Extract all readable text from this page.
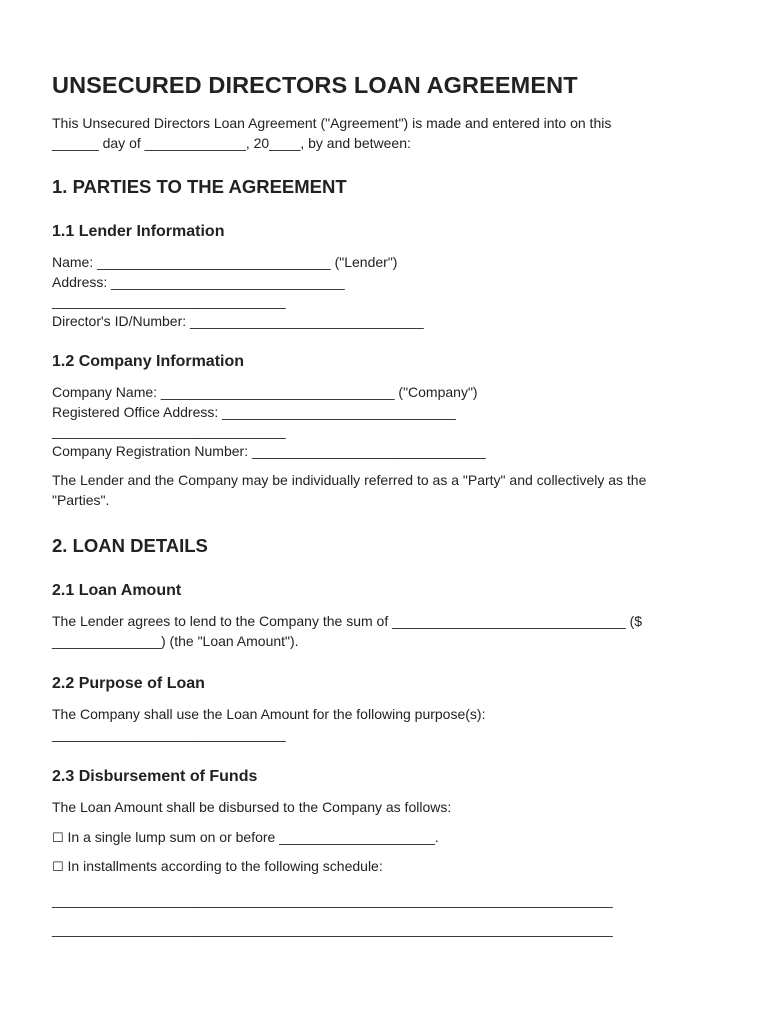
UNSECURED DIRECTORS LOAN AGREEMENT
This Unsecured Directors Loan Agreement ("Agreement") is made and entered into on this
______ day of _____________, 20____, by and between:
1. PARTIES TO THE AGREEMENT
1.1 Lender Information
Name: ______________________________ ("Lender")
Address: ______________________________
______________________________
Director's ID/Number: ______________________________
1.2 Company Information
Company Name: ______________________________ ("Company")
Registered Office Address: ______________________________
______________________________
Company Registration Number: ______________________________
The Lender and the Company may be individually referred to as a "Party" and collectively as the
"Parties".
2. LOAN DETAILS
2.1 Loan Amount
The Lender agrees to lend to the Company the sum of ______________________________ ($
______________) (the "Loan Amount").
2.2 Purpose of Loan
The Company shall use the Loan Amount for the following purpose(s):
______________________________
2.3 Disbursement of Funds
The Loan Amount shall be disbursed to the Company as follows:
☐ In a single lump sum on or before ____________________.
☐ In installments according to the following schedule:
________________________________________________________________________
________________________________________________________________________
